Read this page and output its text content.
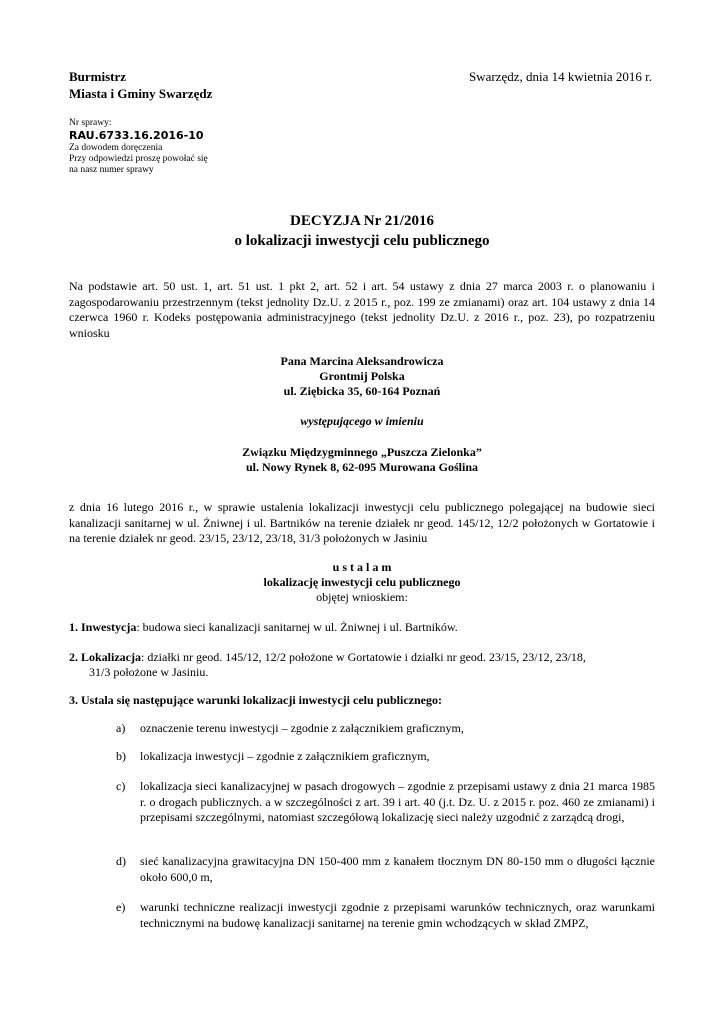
Burmistrz
Miasta i Gminy Swarzędz
Swarzędz, dnia 14 kwietnia 2016 r.
Nr sprawy:
RAU.6733.16.2016-10
Za dowodem doręczenia
Przy odpowiedzi proszę powołać się
na nasz numer sprawy
DECYZJA Nr 21/2016
o lokalizacji inwestycji celu publicznego
Na podstawie art. 50 ust. 1, art. 51 ust. 1 pkt 2, art. 52 i art. 54 ustawy z dnia 27 marca 2003 r. o planowaniu i zagospodarowaniu przestrzennym (tekst jednolity Dz.U. z 2015 r., poz. 199 ze zmianami) oraz art. 104 ustawy z dnia 14 czerwca 1960 r. Kodeks postępowania administracyjnego (tekst jednolity Dz.U. z 2016 r., poz. 23), po rozpatrzeniu wniosku
Pana Marcina Aleksandrowicza
Grontmij Polska
ul. Ziębicka 35, 60-164 Poznań
występującego w imieniu
Związku Międzygminnego „Puszcza Zielonka”
ul. Nowy Rynek 8, 62-095 Murowana Goślina
z dnia 16 lutego 2016 r., w sprawie ustalenia lokalizacji inwestycji celu publicznego polegającej na budowie sieci kanalizacji sanitarnej w ul. Żniwnej i ul. Bartników na terenie działek nr geod. 145/12, 12/2 położonych w Gortatowie i na terenie działek nr geod. 23/15, 23/12, 23/18, 31/3 położonych w Jasiniu
u s t a l a m
lokalizację inwestycji celu publicznego
objętej wnioskiem:
1. Inwestycja: budowa sieci kanalizacji sanitarnej w ul. Żniwnej i ul. Bartników.
2. Lokalizacja: działki nr geod. 145/12, 12/2 położone w Gortatowie i działki nr geod. 23/15, 23/12, 23/18,
31/3 położone w Jasiniu.
3. Ustala się następujące warunki lokalizacji inwestycji celu publicznego:
a)	oznaczenie terenu inwestycji – zgodnie z załącznikiem graficznym,
b)	lokalizacja inwestycji – zgodnie z załącznikiem graficznym,
c)	lokalizacja sieci kanalizacyjnej w pasach drogowych – zgodnie z przepisami ustawy z dnia 21 marca 1985 r. o drogach publicznych. a w szczególności z art. 39 i art. 40 (j.t. Dz. U. z 2015 r. poz. 460 ze zmianami) i przepisami szczególnymi, natomiast szczegółową lokalizację sieci należy uzgodnić z zarządcą drogi,
d)	sieć kanalizacyjna grawitacyjna DN 150-400 mm z kanałem tłocznym DN 80-150 mm o długości łącznie około 600,0 m,
e)	warunki techniczne realizacji inwestycji zgodnie z przepisami warunków technicznych, oraz warunkami technicznymi na budowę kanalizacji sanitarnej na terenie gmin wchodzących w skład ZMPZ,
